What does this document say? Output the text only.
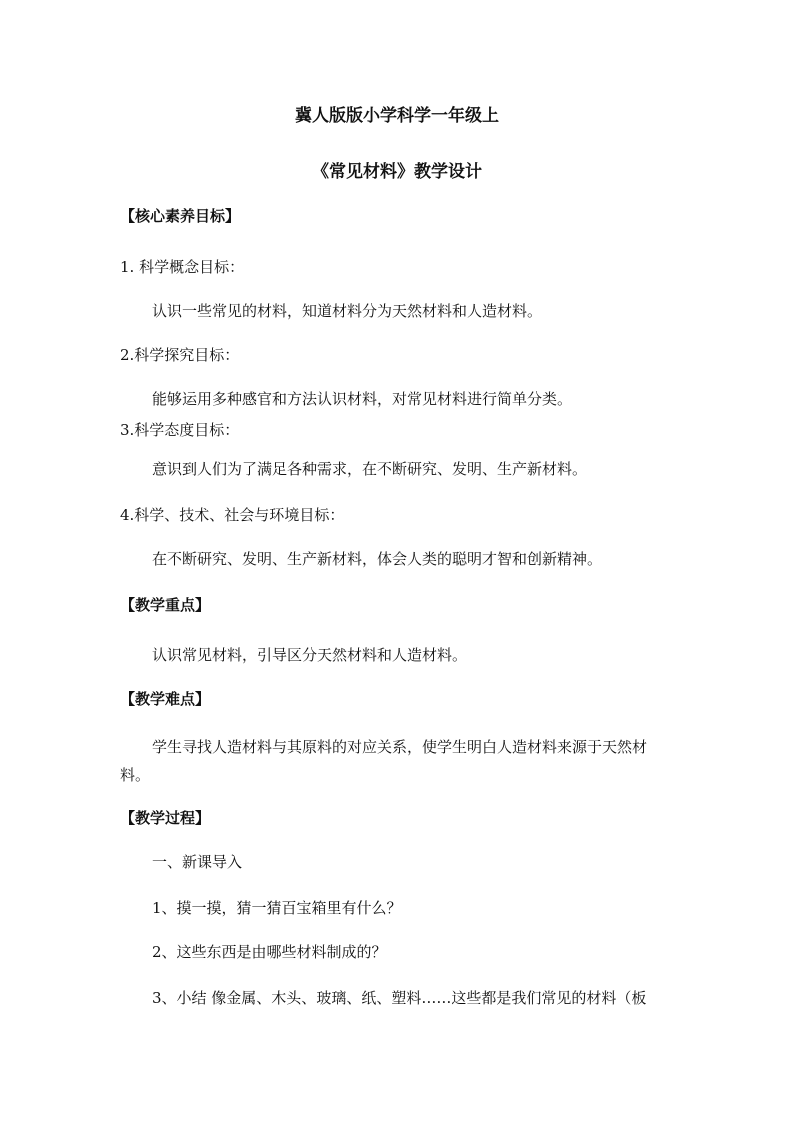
冀人版版小学科学一年级上
《常见材料》教学设计
【核心素养目标】
1. 科学概念目标：
认识一些常见的材料，知道材料分为天然材料和人造材料。
2.科学探究目标：
能够运用多种感官和方法认识材料，对常见材料进行简单分类。
3.科学态度目标：
意识到人们为了满足各种需求，在不断研究、发明、生产新材料。
4.科学、技术、社会与环境目标：
在不断研究、发明、生产新材料，体会人类的聪明才智和创新精神。
【教学重点】
认识常见材料，引导区分天然材料和人造材料。
【教学难点】
学生寻找人造材料与其原料的对应关系，使学生明白人造材料来源于天然材
料。
【教学过程】
一、新课导入
1、摸一摸，猜一猜百宝箱里有什么？
2、这些东西是由哪些材料制成的？
3、小结 像金属、木头、玻璃、纸、塑料……这些都是我们常见的材料（板
